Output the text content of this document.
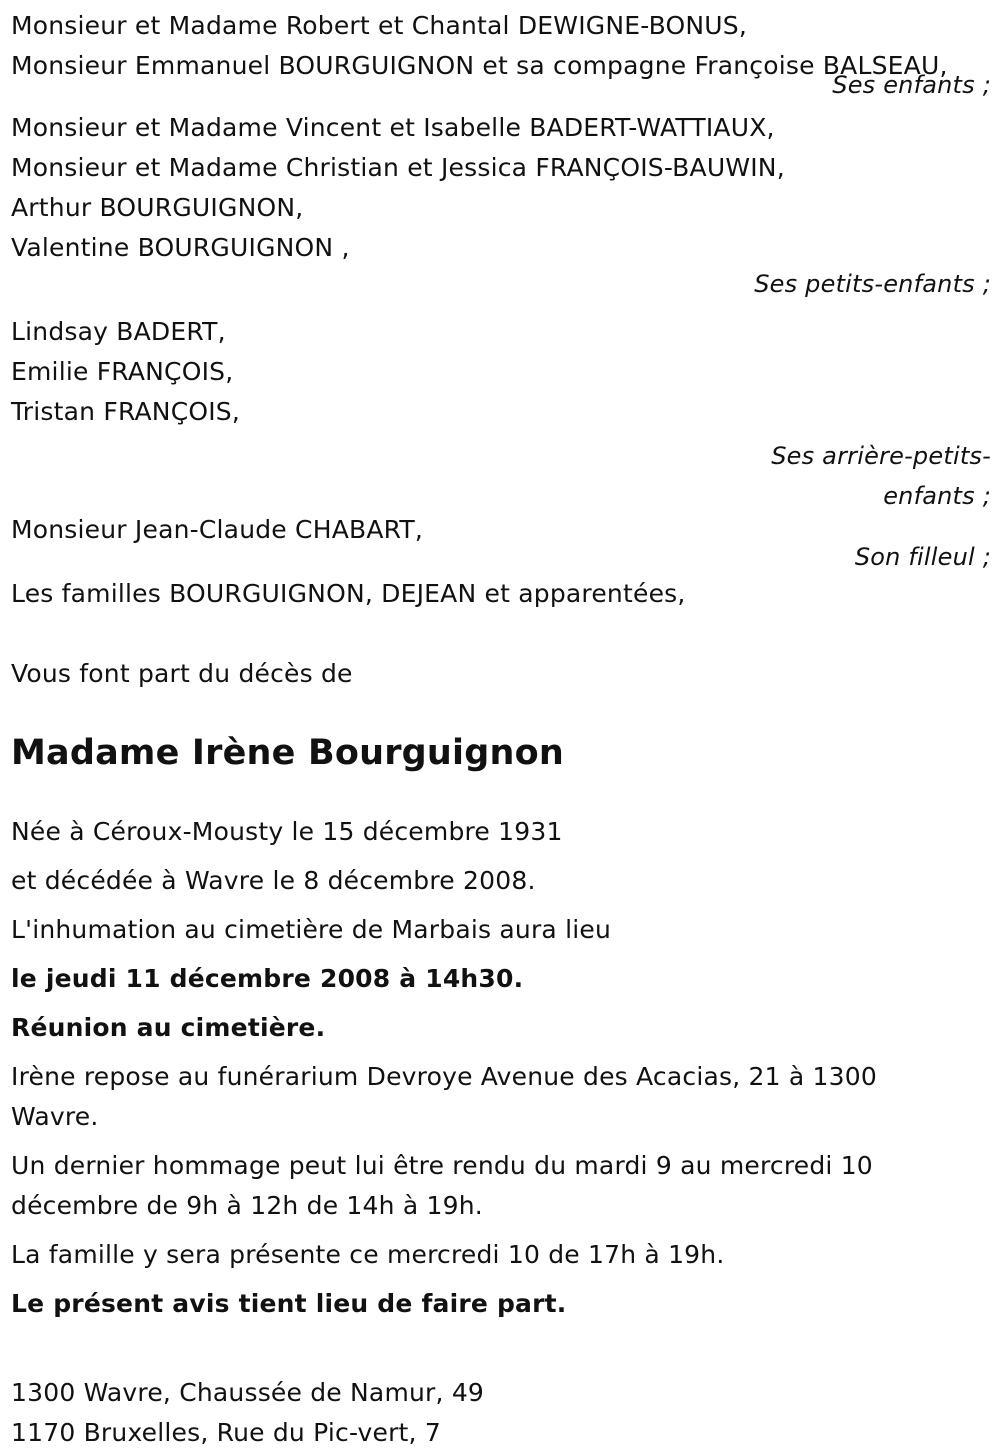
Monsieur et Madame Robert et Chantal DEWIGNE-BONUS,
Monsieur Emmanuel BOURGUIGNON et sa compagne Françoise BALSEAU,
Ses enfants ;
Monsieur et Madame Vincent et Isabelle BADERT-WATTIAUX,
Monsieur et Madame Christian et Jessica FRANÇOIS-BAUWIN,
Arthur BOURGUIGNON,
Valentine BOURGUIGNON ,
Ses petits-enfants ;
Lindsay BADERT,
Emilie FRANÇOIS,
Tristan FRANÇOIS,
Ses arrière-petits-
enfants ;
Monsieur Jean-Claude CHABART,
Son filleul ;
Les familles BOURGUIGNON, DEJEAN et apparentées,
Vous font part du décès de
Madame Irène Bourguignon
Née à Céroux-Mousty le 15 décembre 1931
et décédée à Wavre le 8 décembre 2008.
L'inhumation au cimetière de Marbais aura lieu
le jeudi 11 décembre 2008 à 14h30.
Réunion au cimetière.
Irène repose au funérarium Devroye Avenue des Acacias, 21 à 1300
Wavre.
Un dernier hommage peut lui être rendu du mardi 9 au mercredi 10
décembre de 9h à 12h de 14h à 19h.
La famille y sera présente ce mercredi 10 de 17h à 19h.
Le présent avis tient lieu de faire part.
1300 Wavre, Chaussée de Namur, 49
1170 Bruxelles, Rue du Pic-vert, 7
